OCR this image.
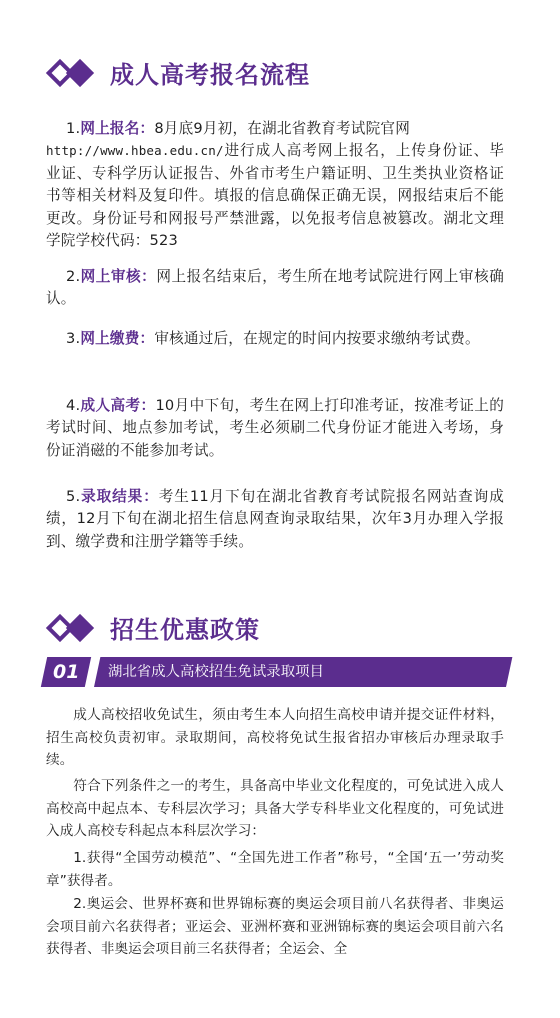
成人高考报名流程
1.网上报名：8月底9月初，在湖北省教育考试院官网
http://www.hbea.edu.cn/进行成人高考网上报名，上传身份证、毕业证、专科学历认证报告、外省市考生户籍证明、卫生类执业资格证书等相关材料及复印件。填报的信息确保正确无误，网报结束后不能更改。身份证号和网报号严禁泄露，以免报考信息被篡改。湖北文理学院学校代码：523
2.网上审核：网上报名结束后，考生所在地考试院进行网上审核确认。
3.网上缴费：审核通过后，在规定的时间内按要求缴纳考试费。
4.成人高考：10月中下旬，考生在网上打印准考证，按准考证上的考试时间、地点参加考试，考生必须刷二代身份证才能进入考场，身份证消磁的不能参加考试。
5.录取结果：考生11月下旬在湖北省教育考试院报名网站查询成绩，12月下旬在湖北招生信息网查询录取结果，次年3月办理入学报到、缴学费和注册学籍等手续。
招生优惠政策
01	湖北省成人高校招生免试录取项目
成人高校招收免试生，须由考生本人向招生高校申请并提交证件材料，招生高校负责初审。录取期间，高校将免试生报省招办审核后办理录取手续。
符合下列条件之一的考生，具备高中毕业文化程度的，可免试进入成人高校高中起点本、专科层次学习；具备大学专科毕业文化程度的，可免试进入成人高校专科起点本科层次学习：
1.获得“全国劳动模范”、“全国先进工作者”称号，“全国‘五一’劳动奖章”获得者。
2.奥运会、世界杯赛和世界锦标赛的奥运会项目前八名获得者、非奥运会项目前六名获得者；亚运会、亚洲杯赛和亚洲锦标赛的奥运会项目前六名获得者、非奥运会项目前三名获得者；全运会、全
